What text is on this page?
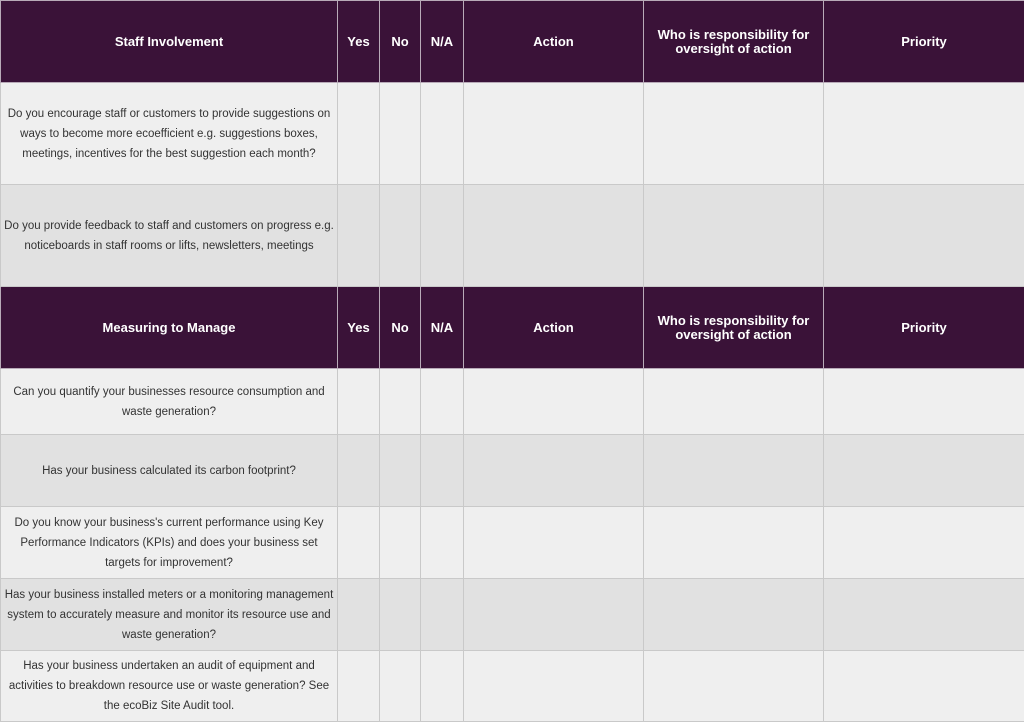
Staff Involvement	Yes	No	N/A	Action	Who is responsibility for oversight of action	Priority
Do you encourage staff or customers to provide suggestions on ways to become more ecoefficient e.g. suggestions boxes, meetings, incentives for the best suggestion each month?						
Do you provide feedback to staff and customers on progress e.g. noticeboards in staff rooms or lifts, newsletters, meetings						
Measuring to Manage	Yes	No	N/A	Action	Who is responsibility for oversight of action	Priority
Can you quantify your businesses resource consumption and waste generation?						
Has your business calculated its carbon footprint?						
Do you know your business's current performance using Key Performance Indicators (KPIs) and does your business set targets for improvement?						
Has your business installed meters or a monitoring management system to accurately measure and monitor its resource use and waste generation?						
Has your business undertaken an audit of equipment and activities to breakdown resource use or waste generation? See the ecoBiz Site Audit tool.						
